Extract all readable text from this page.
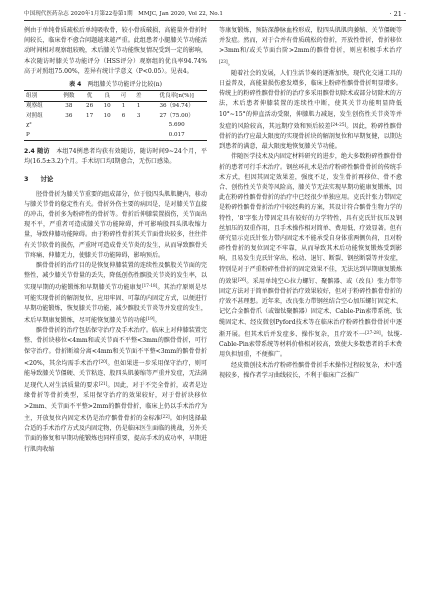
中国现代医药杂志 2020年1月第22卷第1期　MMJC, Jan 2020, Vol 22, No.1	· 21 ·

例由于单纯骨质疏松后单纯吸收骨，较小骨质破损，高能量外骨折时间较长，临床骨不愈合问题越来越严重。此组患者小腿膝关节功能活动时间相对观察组较晚，术后膝关节功能恢复情况受到一定的影响，本次随访时膝关节功能评分（HSS评分）观察组的优良率94.74%高于对照组75.00%，差异有统计学意义（P<0.05）。见表4。

表 4 两组膝关节功能评分比较(n)
组别	例数	优	良	可	差	优良率[n(%)]
观察组	38	26	10	1	1	36（94.74）
对照组	36	17	10	6	3	27（75.00）
χ²						5.690
P						0.017

2.4 随访　 本组74例患者均获有效随访，随访时间9~24个月，平均(16.5±3.2)个月。手术切口均Ⅰ期愈合，无伤口感染。

3 讨论

胫骨骨折为膝关节重要的组成部分，位于股四头肌肌腱内，移动与膝关节骨的稳定性有关。骨折外伤主要的病因是，是对膝关节直接的冲击，骨折多为粉碎性的骨折等。骨折后伸膝装置损伤，关节面出现不平，严重者可造成膝关节功能障碍，并可影响股四头肌收缩力量，导致伸膝功能障碍。由于粉碎性骨折其关节面骨块较多，往往伴有关节软骨的损伤，严重时可造成骨关节炎的发生，从而导致髌骨关节疼痛、伸膝无力，使膝关节功能障碍，影响预后。

髌骨骨折的治疗目的是恢复伸膝装置的连续性及髌股关节面的完整性，减少膝关节骨量的丢失，降低创伤性髌股关节炎的发生率，以实现早期的功能锻炼和早期膝关节功能康复[17-18]。其治疗原则是尽可能实现骨折的解剖复位，应用牢固、可靠的内固定方式，以便进行早期功能锻炼，恢复膝关节功能，减少髌股关节炎等并发症的发生，术后早期康复锻炼，尽可能恢复膝关节的功能[19]。

髌骨骨折的治疗包括保守治疗及手术治疗。临床上对伸膝装置完整、骨折块移位<4mm和或关节面不平整<3mm的髌骨骨折，可行保守治疗。骨折断端分离<4mm和关节面不平整<3mm的髌骨骨折<20%，其余均需手术治疗[20]。但如果进一步采用保守治疗，则可能导致膝关节僵硬、关节粘连、股四头肌萎缩等严重并发症，无法满足现代人对生活质量的要求[21]。因此，对于不完全骨折，或者是边缘骨折等骨折类型，采用保守治疗的效果较好，对于骨折块移位>2mm、关节面不平整>2mm的髌骨骨折，临床上仍以手术治疗为主，开放复位内固定术仍是治疗髌骨骨折的金标准[22]。如何选择最合适的手术治疗方式及内固定物，仍是临床医生面临的挑战，另外关节面的修复和早期功能锻炼也同样重要，提高手术的成功率，早期进行肌肉收缩

等康复锻炼，预防深静脉血栓形成，股四头肌肌肉萎缩、关节僵硬等并发症。然而，对于合并有骨质疏松的骨折，开放性骨折，骨折移位>3mm和/或关节面台阶>2mm的髌骨骨折，则应积极手术治疗[23]。

随着社会的发展，人们生活节奏的逐渐加快，现代化交通工具的日益普及，高能量损伤愈发增多，临床上粉碎性髌骨骨折明显增多。传统上的粉碎性髌骨骨折的治疗多采用髌骨切除术或部分切除术的方法，术后患者伸膝装置的连续性中断，使其关节功能明显降低10°~15°的伸直活动受限，伸膝肌力减退，发生创伤性关节炎等并发症的风险较高，其远期疗效和预后较差[24-25]。因此，粉碎性髌骨骨折的治疗应最大限度的实现骨折块的解剖复位和早期复健，以期达到患者的满意，最大限度地恢复膝关节功能。

伴随医学技术及内固定材料研究的进步，绝大多数粉碎性髌骨骨折的患者可行手术治疗。钢丝环扎术是治疗粉碎性髌骨骨折的传统手术方式，但因其固定效果差，强度不足，发生骨折再移位、骨不愈合、创伤性关节炎等风险高，膝关节无法实现早期功能康复锻炼，因此在粉碎性髌骨骨折的治疗中已经很少单独应用。克氏针张力带固定是粉碎性髌骨骨折治疗中较经典的方案，其设计符合髌骨生物力学的特性，'8'字张力带固定具有较好的力学特性，具有克氏针抗压及钢丝加压的双重作用，且手术操作相对简单、费用低、疗效显著。但有研究显示克氏针张力带内固定术不能承受自身体重两侧负荷，且对粉碎性骨折的复位固定不牢靠，从而导致其术后功能恢复锻炼受到影响，且易发生克氏针穿出、松动、退钉、断裂、钢丝断裂等并发症，特别是对于严重粉碎性骨折的固定效果不佳，无法达到早期康复锻炼的效果[26]。采用单纯空心拉力螺钉、聚髌器、或（改良）张力带等固定方法对于简单髌骨骨折治疗效果较好，但对于粉碎性髌骨骨折的疗效不甚理想。近年来，改良张力带钢丝结合空心加压螺钉固定术、记忆合金髌骨爪（或镍钛聚髌器）固定术、Cable-Pin索带系统、钛缆固定术、经皮微创Pyford技术等在临床治疗粉碎性髌骨骨折中逐渐开展。但其术后并发症多、操作复杂，且疗效不一[27-28]。钛缆-Cable-Pin索带系统等材料价格相对较高，致使大多数患者的手术费用负担加重，不便推广。

经皮微创技术治疗粉碎性髌骨骨折手术操作过程较复杂，术中透视较多，操作者学习曲线较长，不利于临床广泛推广
